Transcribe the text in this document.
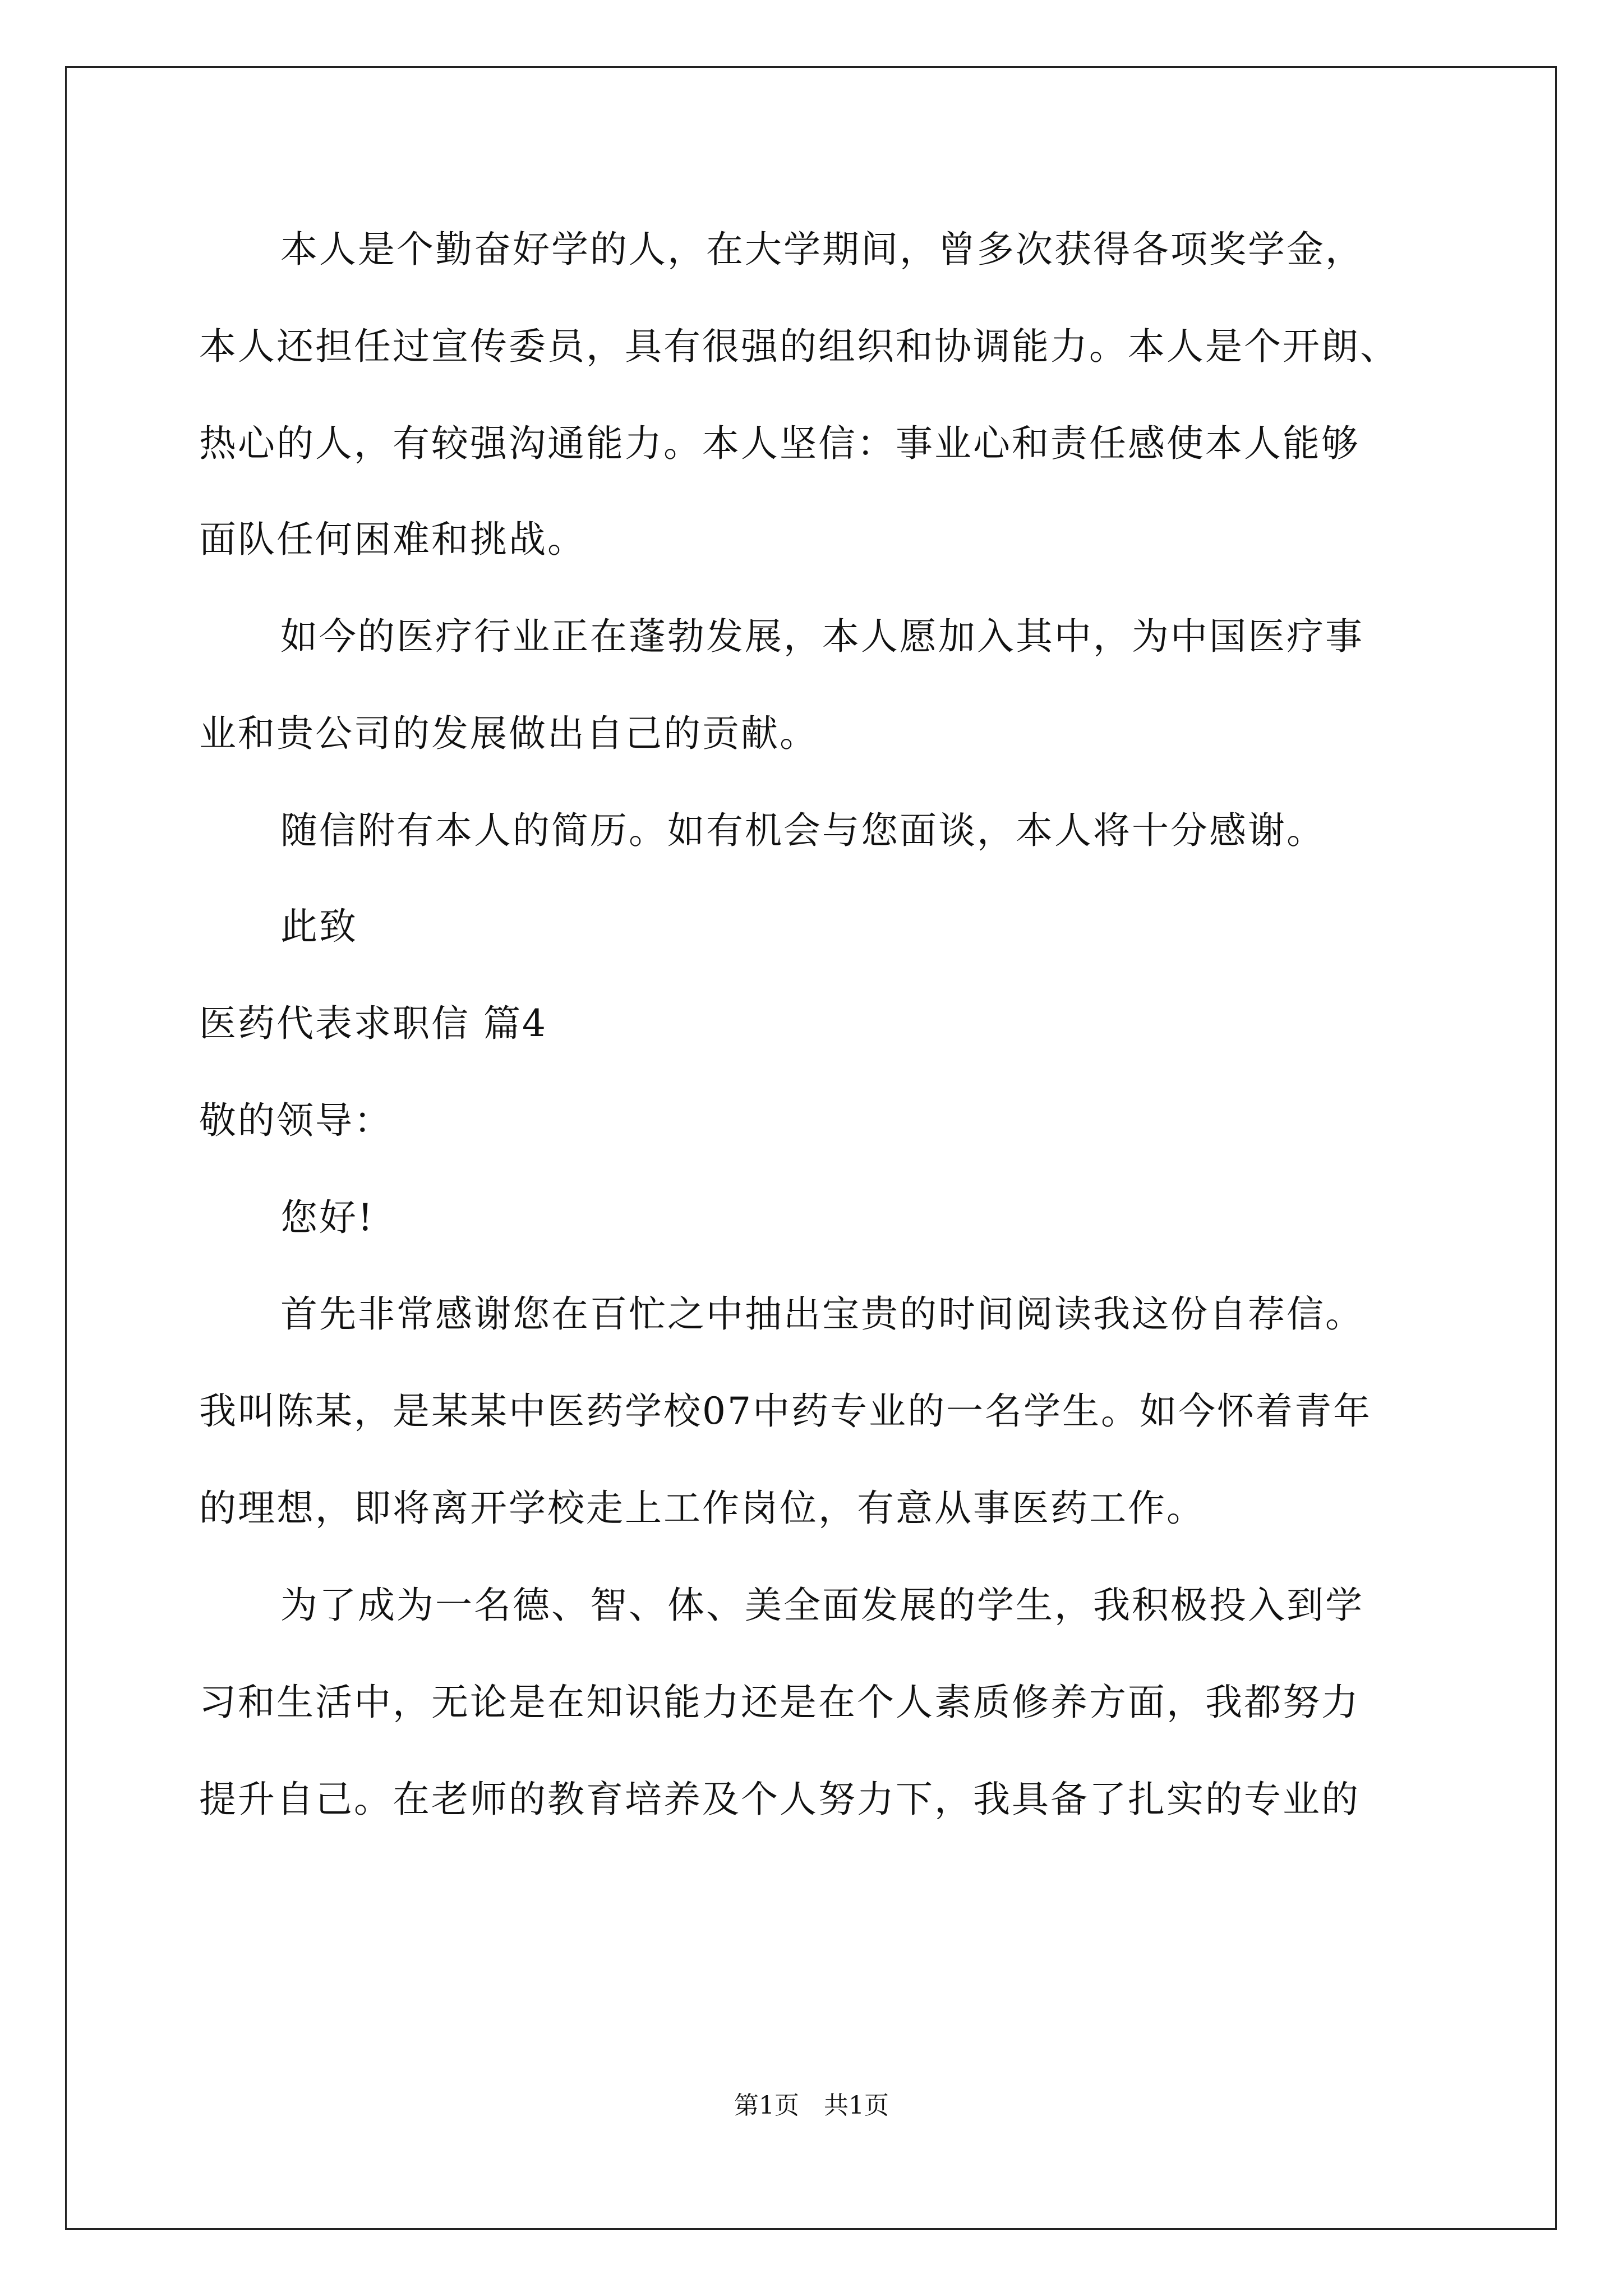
本人是个勤奋好学的人，在大学期间，曾多次获得各项奖学金，
本人还担任过宣传委员，具有很强的组织和协调能力。本人是个开朗、
热心的人，有较强沟通能力。本人坚信：事业心和责任感使本人能够
面队任何困难和挑战。
如今的医疗行业正在蓬勃发展，本人愿加入其中，为中国医疗事
业和贵公司的发展做出自己的贡献。
随信附有本人的简历。如有机会与您面谈，本人将十分感谢。
此致
医药代表求职信 篇4
敬的领导：
您好!
首先非常感谢您在百忙之中抽出宝贵的时间阅读我这份自荐信。
我叫陈某，是某某中医药学校07中药专业的一名学生。如今怀着青年
的理想，即将离开学校走上工作岗位，有意从事医药工作。
为了成为一名德、智、体、美全面发展的学生，我积极投入到学
习和生活中，无论是在知识能力还是在个人素质修养方面，我都努力
提升自己。在老师的教育培养及个人努力下，我具备了扎实的专业的
第1页　共1页
